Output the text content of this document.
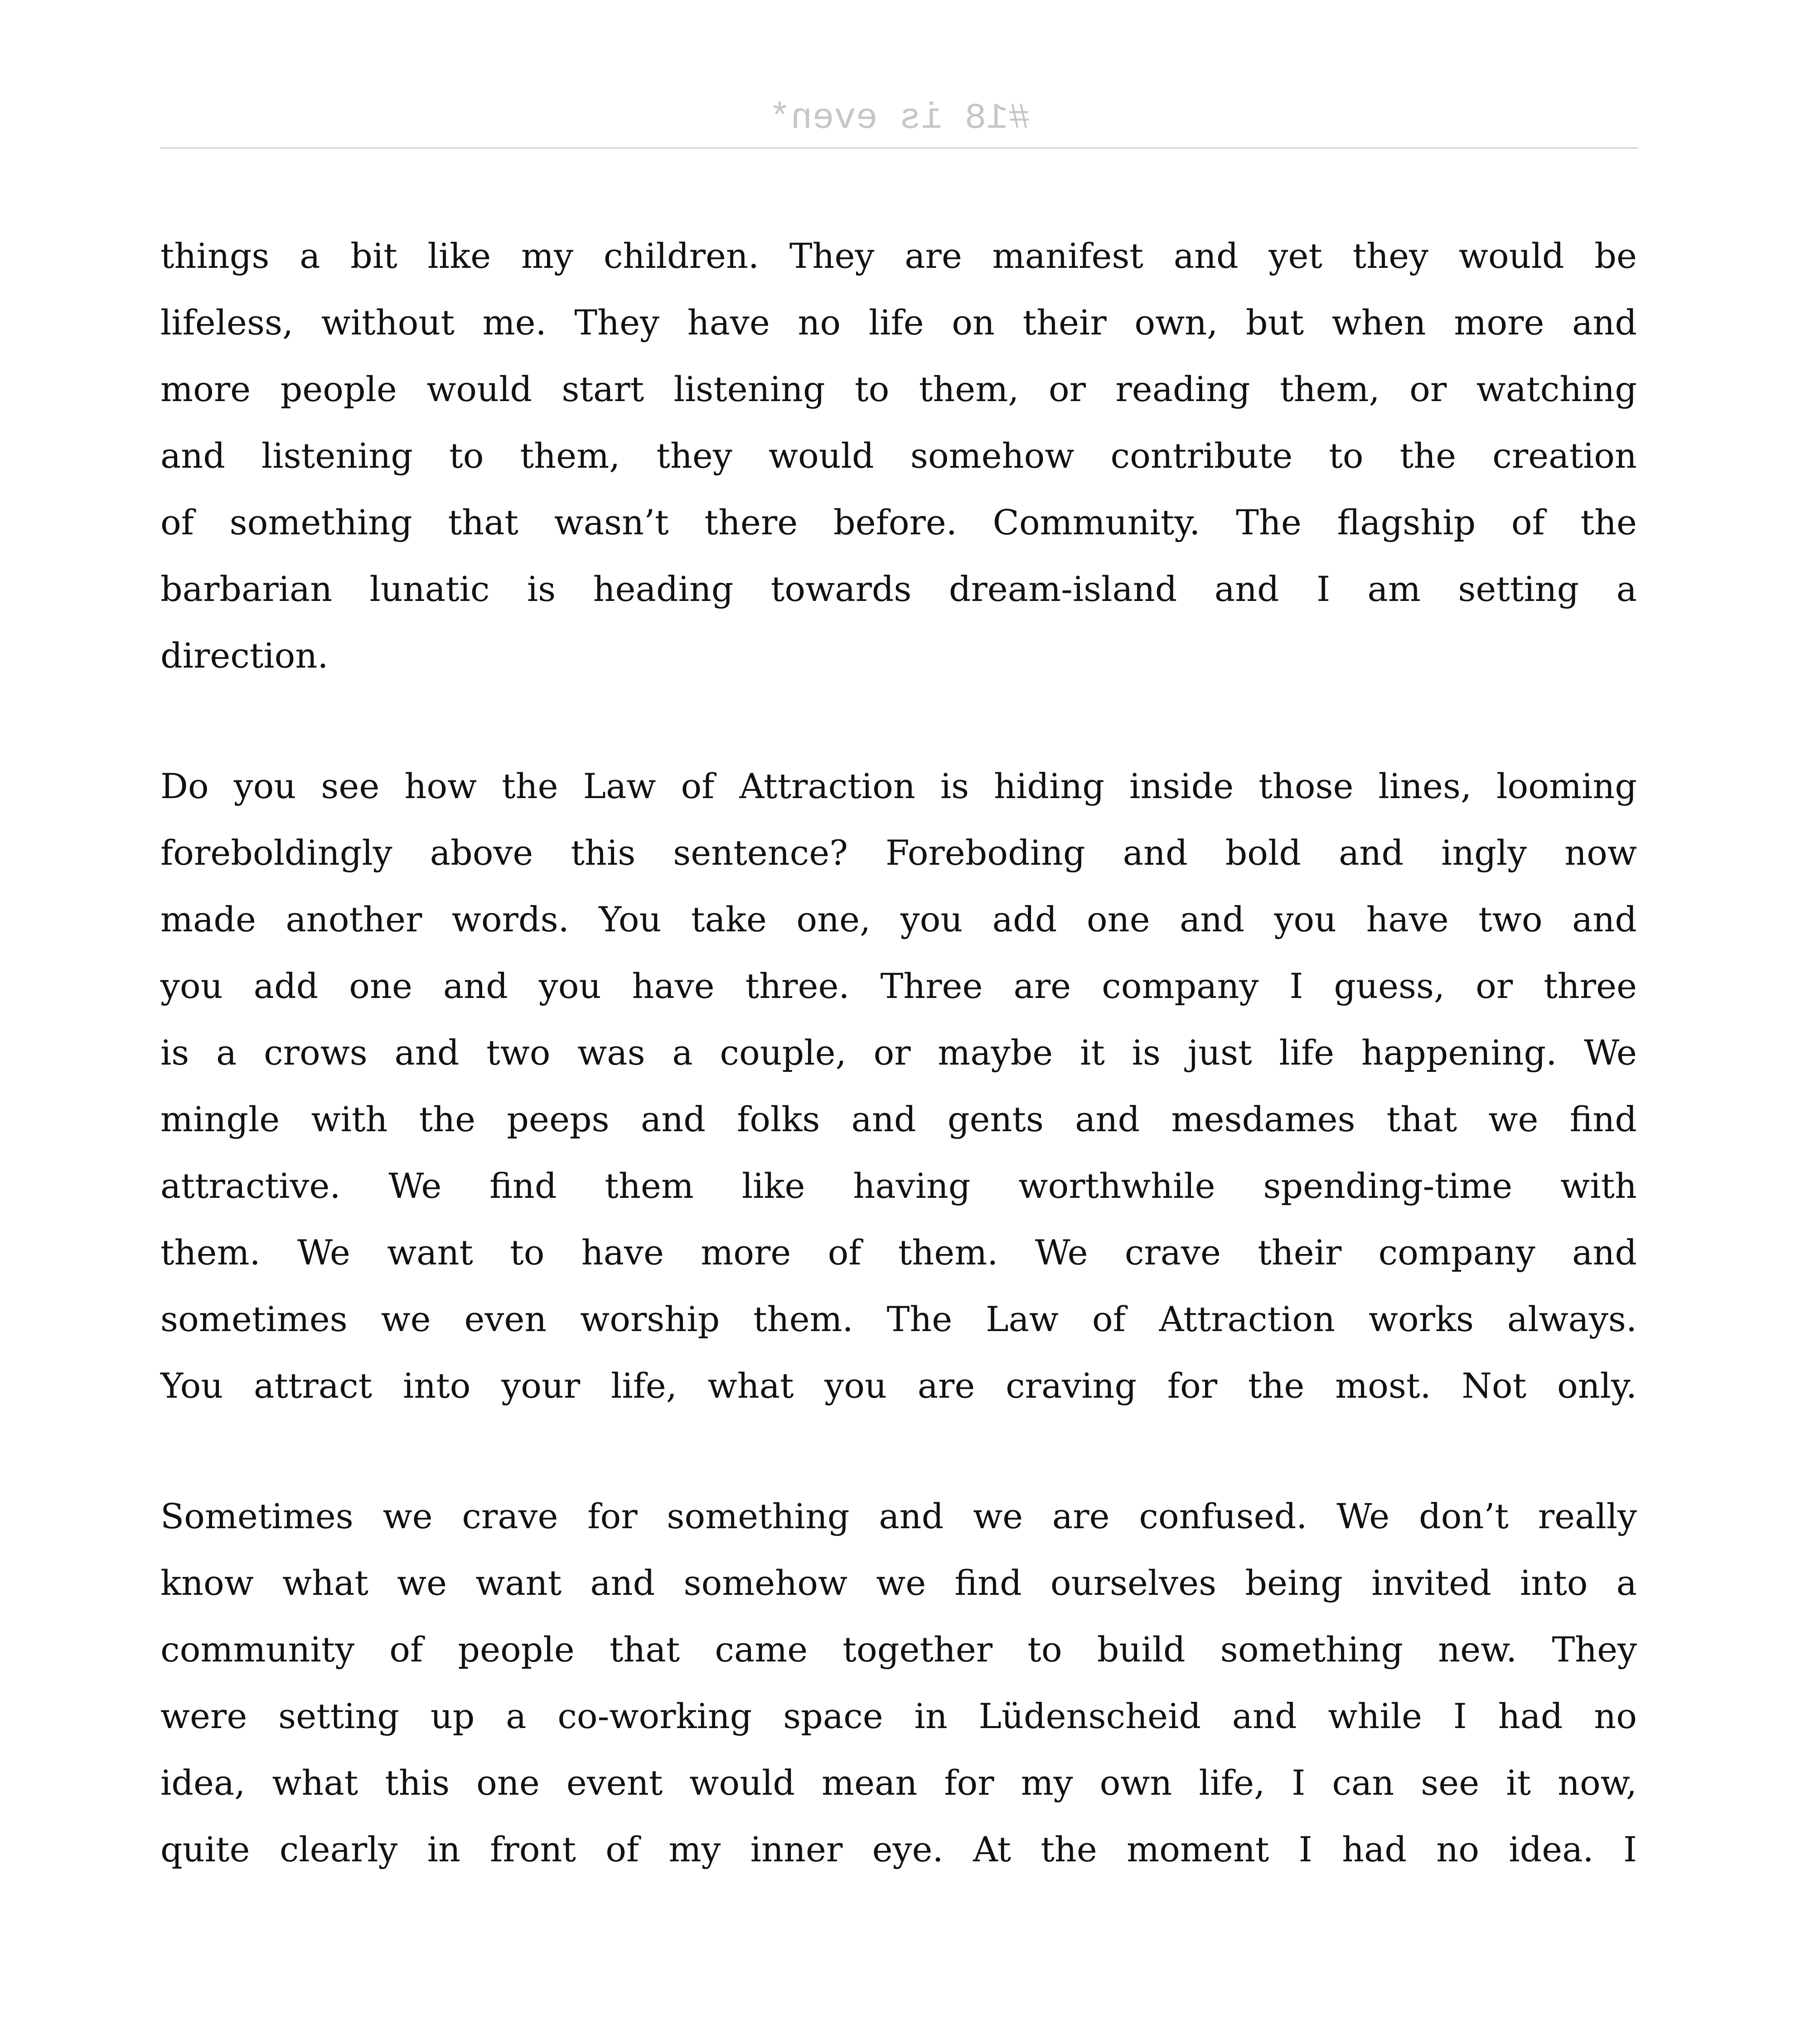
#18 is even*
things a bit like my children. They are manifest and yet they would be
lifeless, without me. They have no life on their own, but when more and
more people would start listening to them, or reading them, or watching
and listening to them, they would somehow contribute to the creation
of something that wasn’t there before. Community. The flagship of the
barbarian lunatic is heading towards dream-island and I am setting a
direction.
Do you see how the Law of Attraction is hiding inside those lines, looming
foreboldingly above this sentence? Foreboding and bold and ingly now
made another words. You take one, you add one and you have two and
you add one and you have three. Three are company I guess, or three
is a crows and two was a couple, or maybe it is just life happening. We
mingle with the peeps and folks and gents and mesdames that we find
attractive. We find them like having worthwhile spending-time with
them. We want to have more of them. We crave their company and
sometimes we even worship them. The Law of Attraction works always.
You attract into your life, what you are craving for the most. Not only.
Sometimes we crave for something and we are confused. We don’t really
know what we want and somehow we find ourselves being invited into a
community of people that came together to build something new. They
were setting up a co-working space in Lüdenscheid and while I had no
idea, what this one event would mean for my own life, I can see it now,
quite clearly in front of my inner eye. At the moment I had no idea. I
